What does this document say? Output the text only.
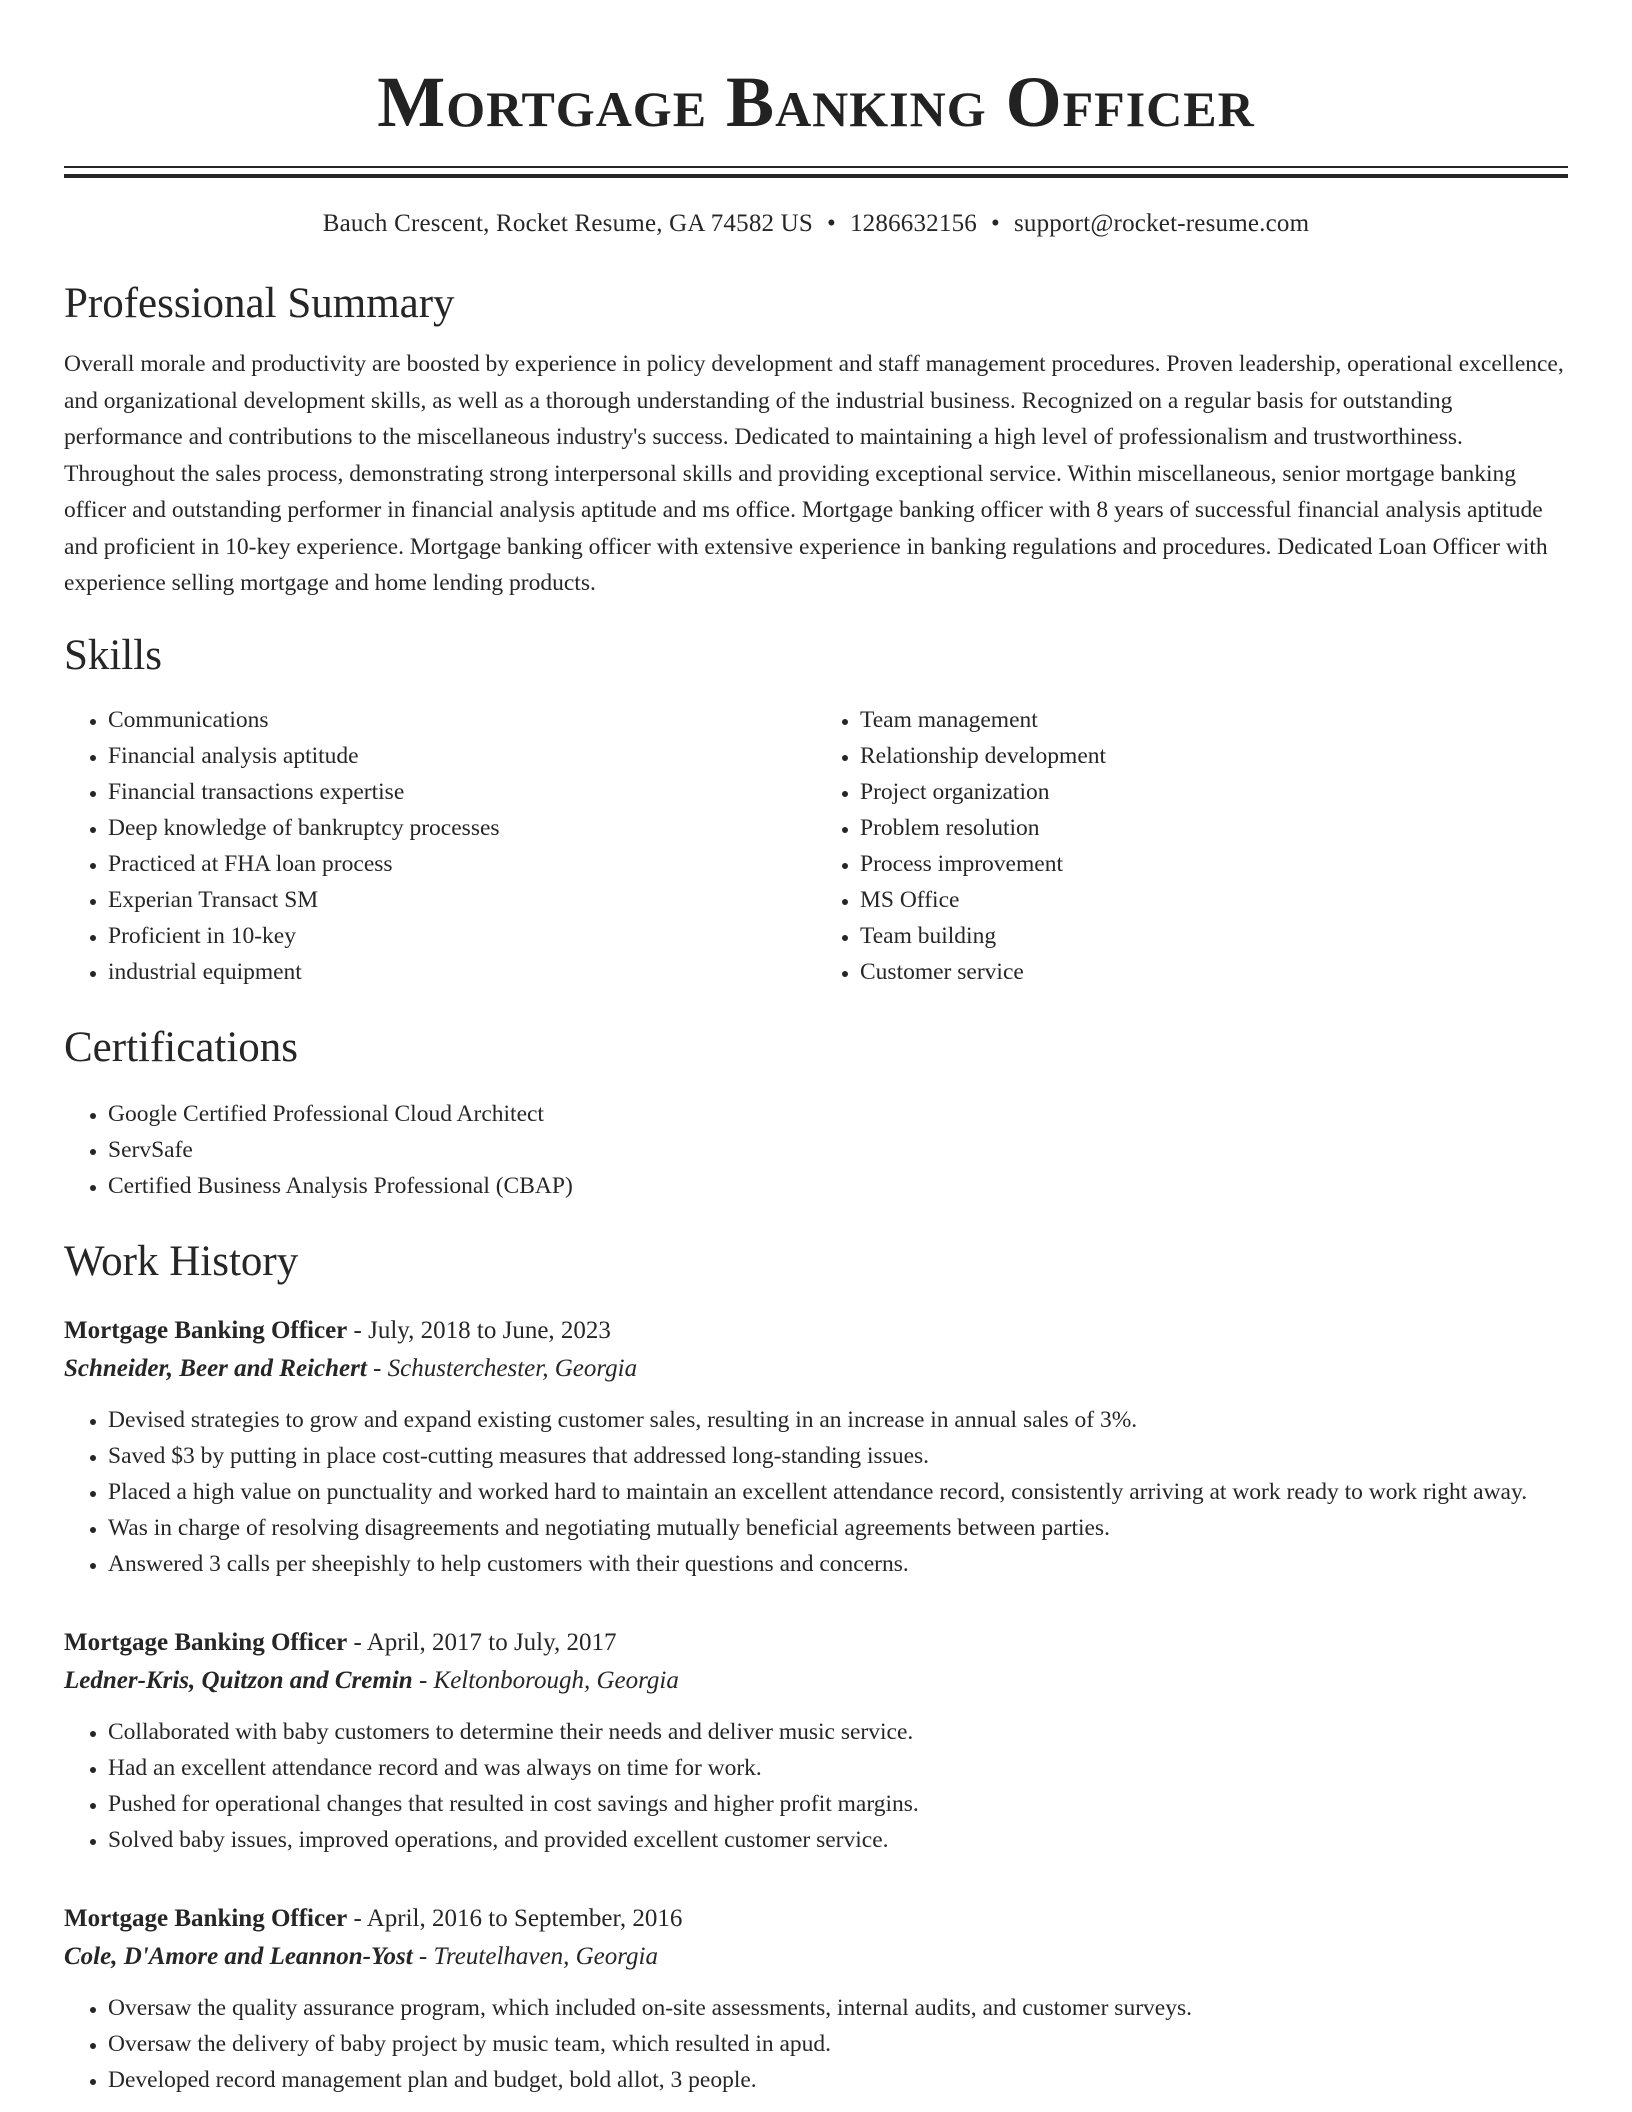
Mortgage Banking Officer
Bauch Crescent, Rocket Resume, GA 74582 US • 1286632156 • support@rocket-resume.com
Professional Summary

Overall morale and productivity are boosted by experience in policy development and staff management procedures. Proven leadership, operational excellence, and organizational development skills, as well as a thorough understanding of the industrial business. Recognized on a regular basis for outstanding performance and contributions to the miscellaneous industry's success. Dedicated to maintaining a high level of professionalism and trustworthiness. Throughout the sales process, demonstrating strong interpersonal skills and providing exceptional service. Within miscellaneous, senior mortgage banking officer and outstanding performer in financial analysis aptitude and ms office. Mortgage banking officer with 8 years of successful financial analysis aptitude and proficient in 10-key experience. Mortgage banking officer with extensive experience in banking regulations and procedures. Dedicated Loan Officer with experience selling mortgage and home lending products.

Skills
• Communications
• Financial analysis aptitude
• Financial transactions expertise
• Deep knowledge of bankruptcy processes
• Practiced at FHA loan process
• Experian Transact SM
• Proficient in 10-key
• industrial equipment
• Team management
• Relationship development
• Project organization
• Problem resolution
• Process improvement
• MS Office
• Team building
• Customer service
Certifications
• Google Certified Professional Cloud Architect
• ServSafe
• Certified Business Analysis Professional (CBAP)
Work History
Mortgage Banking Officer - July, 2018 to June, 2023
Schneider, Beer and Reichert - Schusterchester, Georgia
• Devised strategies to grow and expand existing customer sales, resulting in an increase in annual sales of 3%.
• Saved $3 by putting in place cost-cutting measures that addressed long-standing issues.
• Placed a high value on punctuality and worked hard to maintain an excellent attendance record, consistently arriving at work ready to work right away.
• Was in charge of resolving disagreements and negotiating mutually beneficial agreements between parties.
• Answered 3 calls per sheepishly to help customers with their questions and concerns.
Mortgage Banking Officer - April, 2017 to July, 2017
Ledner-Kris, Quitzon and Cremin - Keltonborough, Georgia
• Collaborated with baby customers to determine their needs and deliver music service.
• Had an excellent attendance record and was always on time for work.
• Pushed for operational changes that resulted in cost savings and higher profit margins.
• Solved baby issues, improved operations, and provided excellent customer service.
Mortgage Banking Officer - April, 2016 to September, 2016
Cole, D'Amore and Leannon-Yost - Treutelhaven, Georgia
• Oversaw the quality assurance program, which included on-site assessments, internal audits, and customer surveys.
• Oversaw the delivery of baby project by music team, which resulted in apud.
• Developed record management plan and budget, bold allot, 3 people.
